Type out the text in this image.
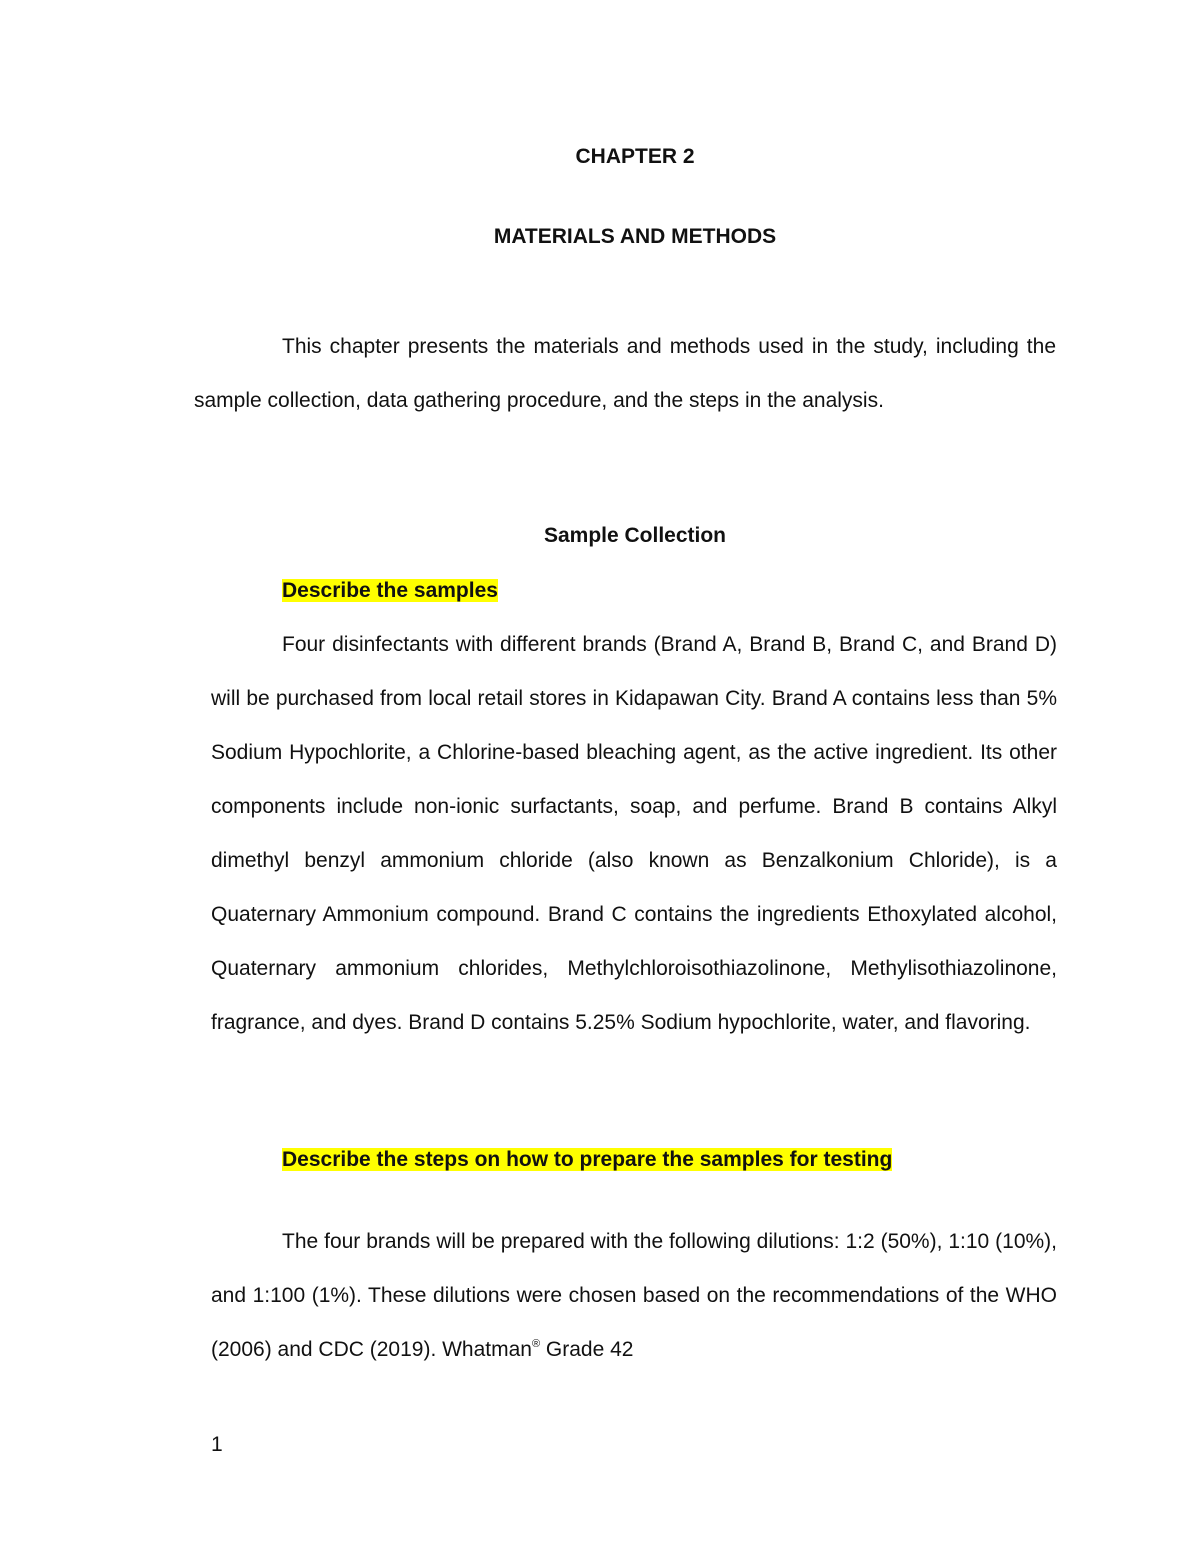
CHAPTER 2

MATERIALS AND METHODS

This chapter presents the materials and methods used in the study, including the sample collection, data gathering procedure, and the steps in the analysis.

Sample Collection

Describe the samples

Four disinfectants with different brands (Brand A, Brand B, Brand C, and Brand D) will be purchased from local retail stores in Kidapawan City. Brand A contains less than 5% Sodium Hypochlorite, a Chlorine-based bleaching agent, as the active ingredient. Its other components include non-ionic surfactants, soap, and perfume. Brand B contains Alkyl dimethyl benzyl ammonium chloride (also known as Benzalkonium Chloride), is a Quaternary Ammonium compound. Brand C contains the ingredients Ethoxylated alcohol, Quaternary ammonium chlorides, Methylchloroisothiazolinone, Methylisothiazolinone, fragrance, and dyes. Brand D contains 5.25% Sodium hypochlorite, water, and flavoring.

Describe the steps on how to prepare the samples for testing

The four brands will be prepared with the following dilutions: 1:2 (50%), 1:10 (10%), and 1:100 (1%). These dilutions were chosen based on the recommendations of the WHO (2006) and CDC (2019). Whatman® Grade 42

1
